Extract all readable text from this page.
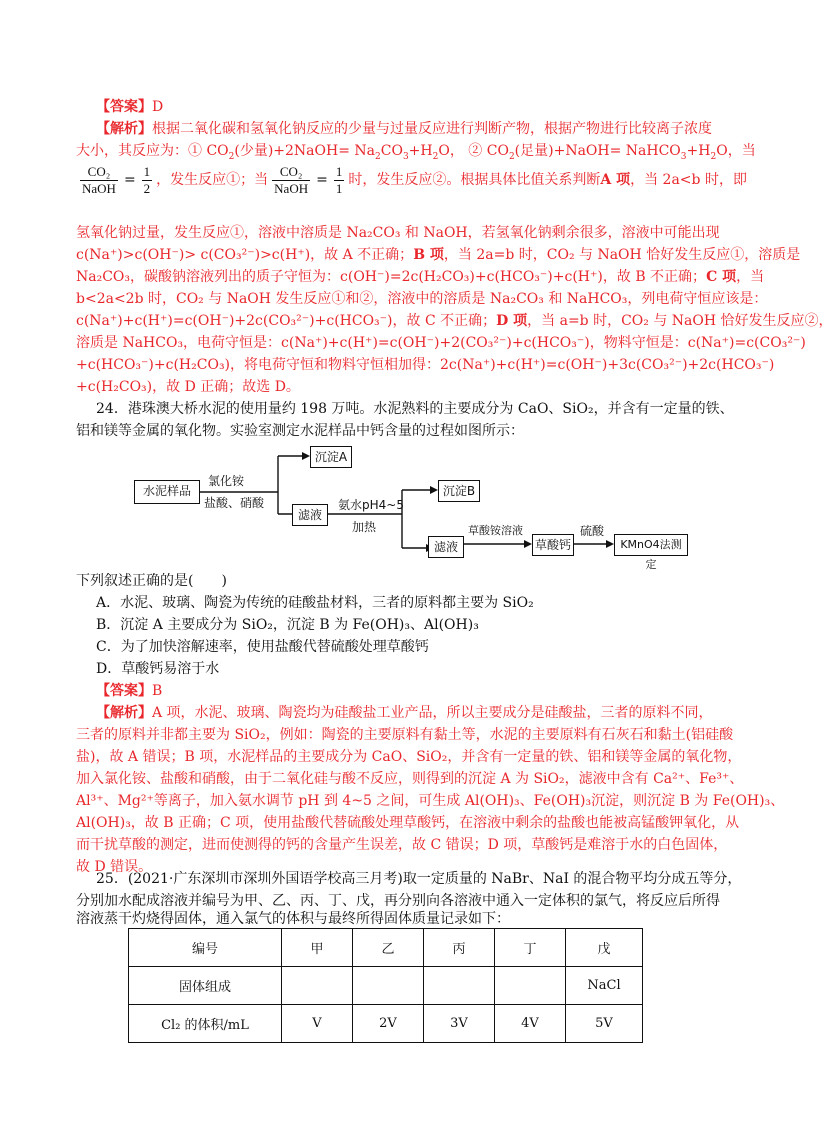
【答案】D
【解析】根据二氧化碳和氢氧化钠反应的少量与过量反应进行判断产物，根据产物进行比较离子浓度
大小，其反应为：① $CO_2$(少量)+2NaOH= $Na_2CO_3+H_2O$， ② $CO_2$(足量)+NaOH= $NaHCO_3+H_2O$，当
$\frac{\text{CO₂}}{\text{NaOH}} = \frac{1}{2}$ ，发生反应①；当 $\frac{\text{CO₂}}{\text{NaOH}} = \frac{1}{1}$ 时，发生反应②。根据具体比值关系判断A 项，当 2a<b 时，即
氢氧化钠过量，发生反应①，溶液中溶质是 Na₂CO₃ 和 NaOH，若氢氧化钠剩余很多，溶液中可能出现
c(Na⁺)>c(OH⁻)> c(CO₃²⁻)>c(H⁺)，故 A 不正确；B 项，当 2a=b 时，CO₂ 与 NaOH 恰好发生反应①，溶质是
Na₂CO₃，碳酸钠溶液列出的质子守恒为：c(OH⁻)=2c(H₂CO₃)+c(HCO₃⁻)+c(H⁺)，故 B 不正确；C 项，当
b<2a<2b 时，CO₂ 与 NaOH 发生反应①和②，溶液中的溶质是 Na₂CO₃ 和 NaHCO₃，列电荷守恒应该是：
c(Na⁺)+c(H⁺)=c(OH⁻)+2c(CO₃²⁻)+c(HCO₃⁻)，故 C 不正确；D 项，当 a=b 时，CO₂ 与 NaOH 恰好发生反应②，
溶质是 NaHCO₃，电荷守恒是：c(Na⁺)+c(H⁺)=c(OH⁻)+2(CO₃²⁻)+c(HCO₃⁻)，物料守恒是：c(Na⁺)=c(CO₃²⁻)
+c(HCO₃⁻)+c(H₂CO₃)，将电荷守恒和物料守恒相加得：2c(Na⁺)+c(H⁺)=c(OH⁻)+3c(CO₃²⁻)+2c(HCO₃⁻)
+c(H₂CO₃)，故 D 正确；故选 D。
24．港珠澳大桥水泥的使用量约 198 万吨。水泥熟料的主要成分为 CaO、SiO₂，并含有一定量的铁、
铝和镁等金属的氧化物。实验室测定水泥样品中钙含量的过程如图所示：
水泥样品
氯化铵
盐酸、硝酸
沉淀A
滤液
氨水pH4~5
加热
沉淀B
滤液
草酸铵溶液
草酸钙
硫酸
KMnO4法测定
下列叙述正确的是(　　)
A．水泥、玻璃、陶瓷为传统的硅酸盐材料，三者的原料都主要为 SiO₂
B．沉淀 A 主要成分为 SiO₂，沉淀 B 为 Fe(OH)₃、Al(OH)₃
C．为了加快溶解速率，使用盐酸代替硫酸处理草酸钙
D．草酸钙易溶于水
【答案】B
【解析】A 项，水泥、玻璃、陶瓷均为硅酸盐工业产品，所以主要成分是硅酸盐，三者的原料不同，
三者的原料并非都主要为 SiO₂，例如：陶瓷的主要原料有黏土等，水泥的主要原料有石灰石和黏土(铝硅酸
盐)，故 A 错误；B 项，水泥样品的主要成分为 CaO、SiO₂，并含有一定量的铁、铝和镁等金属的氧化物，
加入氯化铵、盐酸和硝酸，由于二氧化硅与酸不反应，则得到的沉淀 A 为 SiO₂，滤液中含有 Ca²⁺、Fe³⁺、
Al³⁺、Mg²⁺等离子，加入氨水调节 pH 到 4~5 之间，可生成 Al(OH)₃、Fe(OH)₃沉淀，则沉淀 B 为 Fe(OH)₃、
Al(OH)₃，故 B 正确；C 项，使用盐酸代替硫酸处理草酸钙，在溶液中剩余的盐酸也能被高锰酸钾氧化，从
而干扰草酸的测定，进而使测得的钙的含量产生误差，故 C 错误；D 项，草酸钙是难溶于水的白色固体，
故 D 错误。
25．(2021·广东深圳市深圳外国语学校高三月考)取一定质量的 NaBr、NaI 的混合物平均分成五等分，
分别加水配成溶液并编号为甲、乙、丙、丁、戊，再分别向各溶液中通入一定体积的氯气，将反应后所得
溶液蒸干灼烧得固体，通入氯气的体积与最终所得固体质量记录如下：
编号	甲	乙	丙	丁	戊
固体组成					NaCl
Cl₂ 的体积/mL	V	2V	3V	4V	5V
